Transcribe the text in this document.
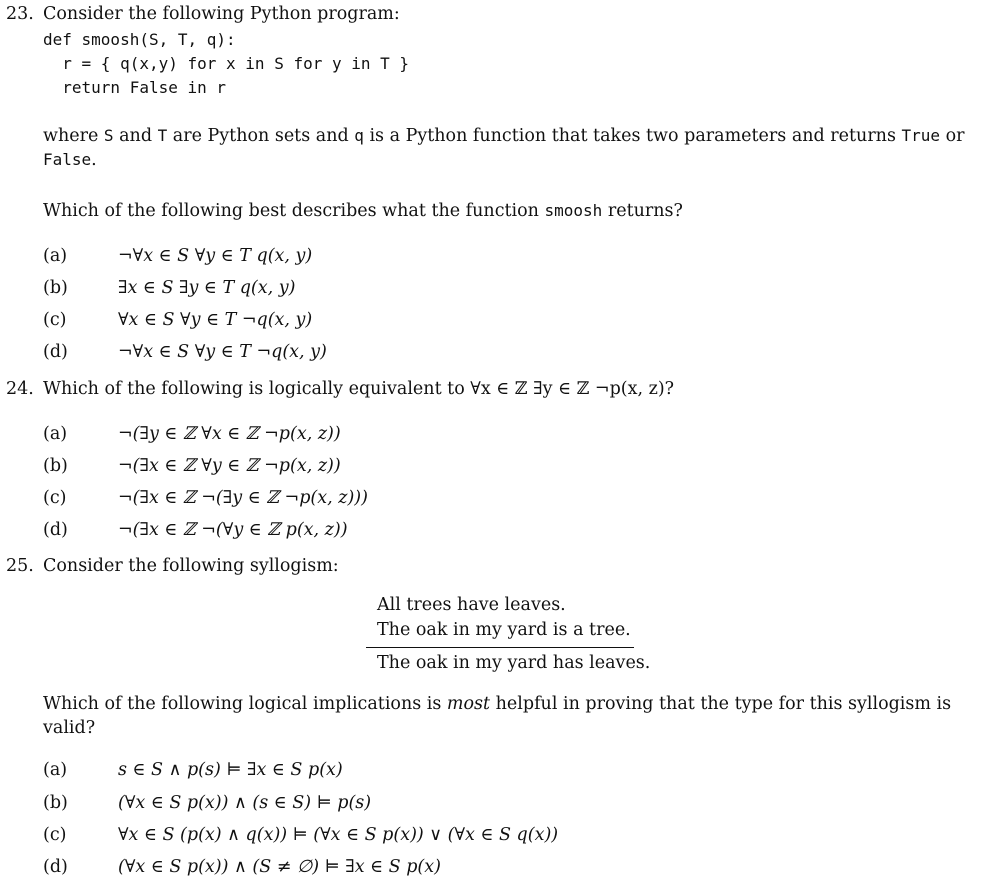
23. Consider the following Python program:
def smoosh(S, T, q):
r = { q(x,y) for x in S for y in T }
return False in r
where S and T are Python sets and q is a Python function that takes two parameters and returns True or
False.
Which of the following best describes what the function smoosh returns?
(a)	¬∀x ∈ S ∀y ∈ T q(x, y)
(b)	∃x ∈ S ∃y ∈ T q(x, y)
(c)	∀x ∈ S ∀y ∈ T ¬q(x, y)
(d)	¬∀x ∈ S ∀y ∈ T ¬q(x, y)
24. Which of the following is logically equivalent to ∀x ∈ ℤ ∃y ∈ ℤ ¬p(x, z)?
(a)	¬(∃y ∈ ℤ ∀x ∈ ℤ ¬p(x, z))
(b)	¬(∃x ∈ ℤ ∀y ∈ ℤ ¬p(x, z))
(c)	¬(∃x ∈ ℤ ¬(∃y ∈ ℤ ¬p(x, z)))
(d)	¬(∃x ∈ ℤ ¬(∀y ∈ ℤ p(x, z))
25. Consider the following syllogism:
All trees have leaves.
The oak in my yard is a tree.
The oak in my yard has leaves.
Which of the following logical implications is most helpful in proving that the type for this syllogism is
valid?
(a)	s ∈ S ∧ p(s) ⊨ ∃x ∈ S p(x)
(b)	(∀x ∈ S p(x)) ∧ (s ∈ S) ⊨ p(s)
(c)	∀x ∈ S (p(x) ∧ q(x)) ⊨ (∀x ∈ S p(x)) ∨ (∀x ∈ S q(x))
(d)	(∀x ∈ S p(x)) ∧ (S ≠ ∅) ⊨ ∃x ∈ S p(x)
